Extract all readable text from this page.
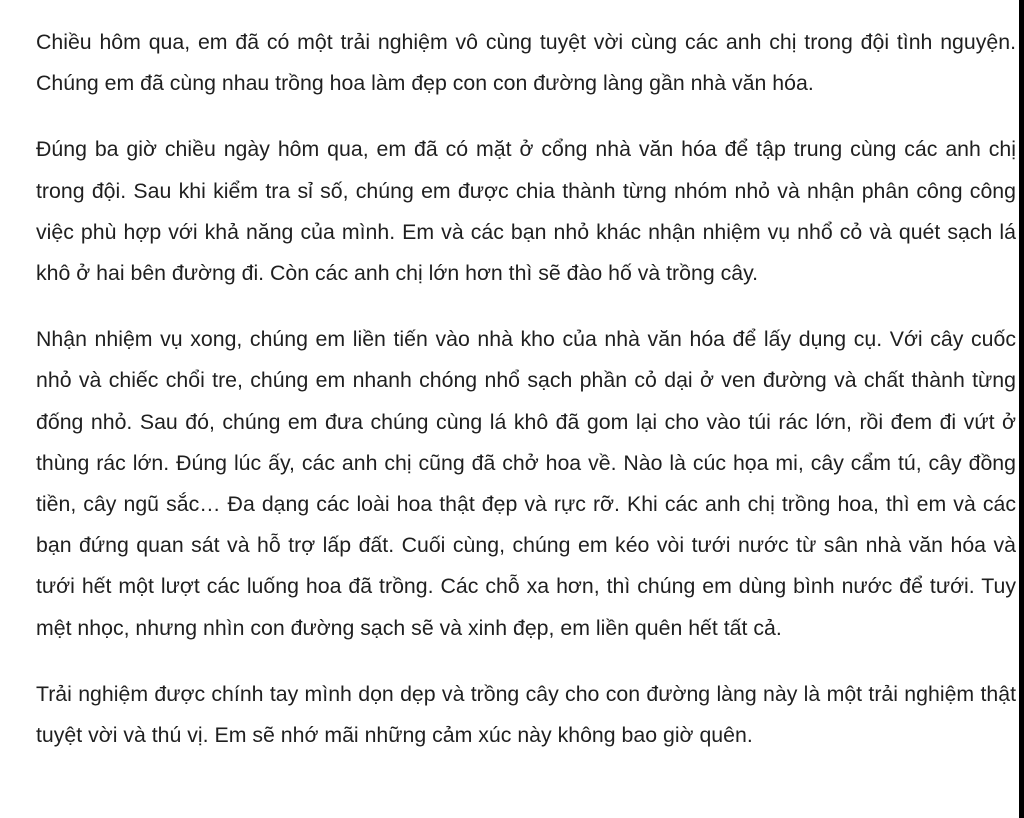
Chiều hôm qua, em đã có một trải nghiệm vô cùng tuyệt vời cùng các anh chị trong đội tình nguyện. Chúng em đã cùng nhau trồng hoa làm đẹp con con đường làng gần nhà văn hóa.

Đúng ba giờ chiều ngày hôm qua, em đã có mặt ở cổng nhà văn hóa để tập trung cùng các anh chị trong đội. Sau khi kiểm tra sỉ số, chúng em được chia thành từng nhóm nhỏ và nhận phân công công việc phù hợp với khả năng của mình. Em và các bạn nhỏ khác nhận nhiệm vụ nhổ cỏ và quét sạch lá khô ở hai bên đường đi. Còn các anh chị lớn hơn thì sẽ đào hố và trồng cây.

Nhận nhiệm vụ xong, chúng em liền tiến vào nhà kho của nhà văn hóa để lấy dụng cụ. Với cây cuốc nhỏ và chiếc chổi tre, chúng em nhanh chóng nhổ sạch phần cỏ dại ở ven đường và chất thành từng đống nhỏ. Sau đó, chúng em đưa chúng cùng lá khô đã gom lại cho vào túi rác lớn, rồi đem đi vứt ở thùng rác lớn. Đúng lúc ấy, các anh chị cũng đã chở hoa về. Nào là cúc họa mi, cây cẩm tú, cây đồng tiền, cây ngũ sắc… Đa dạng các loài hoa thật đẹp và rực rỡ. Khi các anh chị trồng hoa, thì em và các bạn đứng quan sát và hỗ trợ lấp đất. Cuối cùng, chúng em kéo vòi tưới nước từ sân nhà văn hóa và tưới hết một lượt các luống hoa đã trồng. Các chỗ xa hơn, thì chúng em dùng bình nước để tưới. Tuy mệt nhọc, nhưng nhìn con đường sạch sẽ và xinh đẹp, em liền quên hết tất cả.

Trải nghiệm được chính tay mình dọn dẹp và trồng cây cho con đường làng này là một trải nghiệm thật tuyệt vời và thú vị. Em sẽ nhớ mãi những cảm xúc này không bao giờ quên.
